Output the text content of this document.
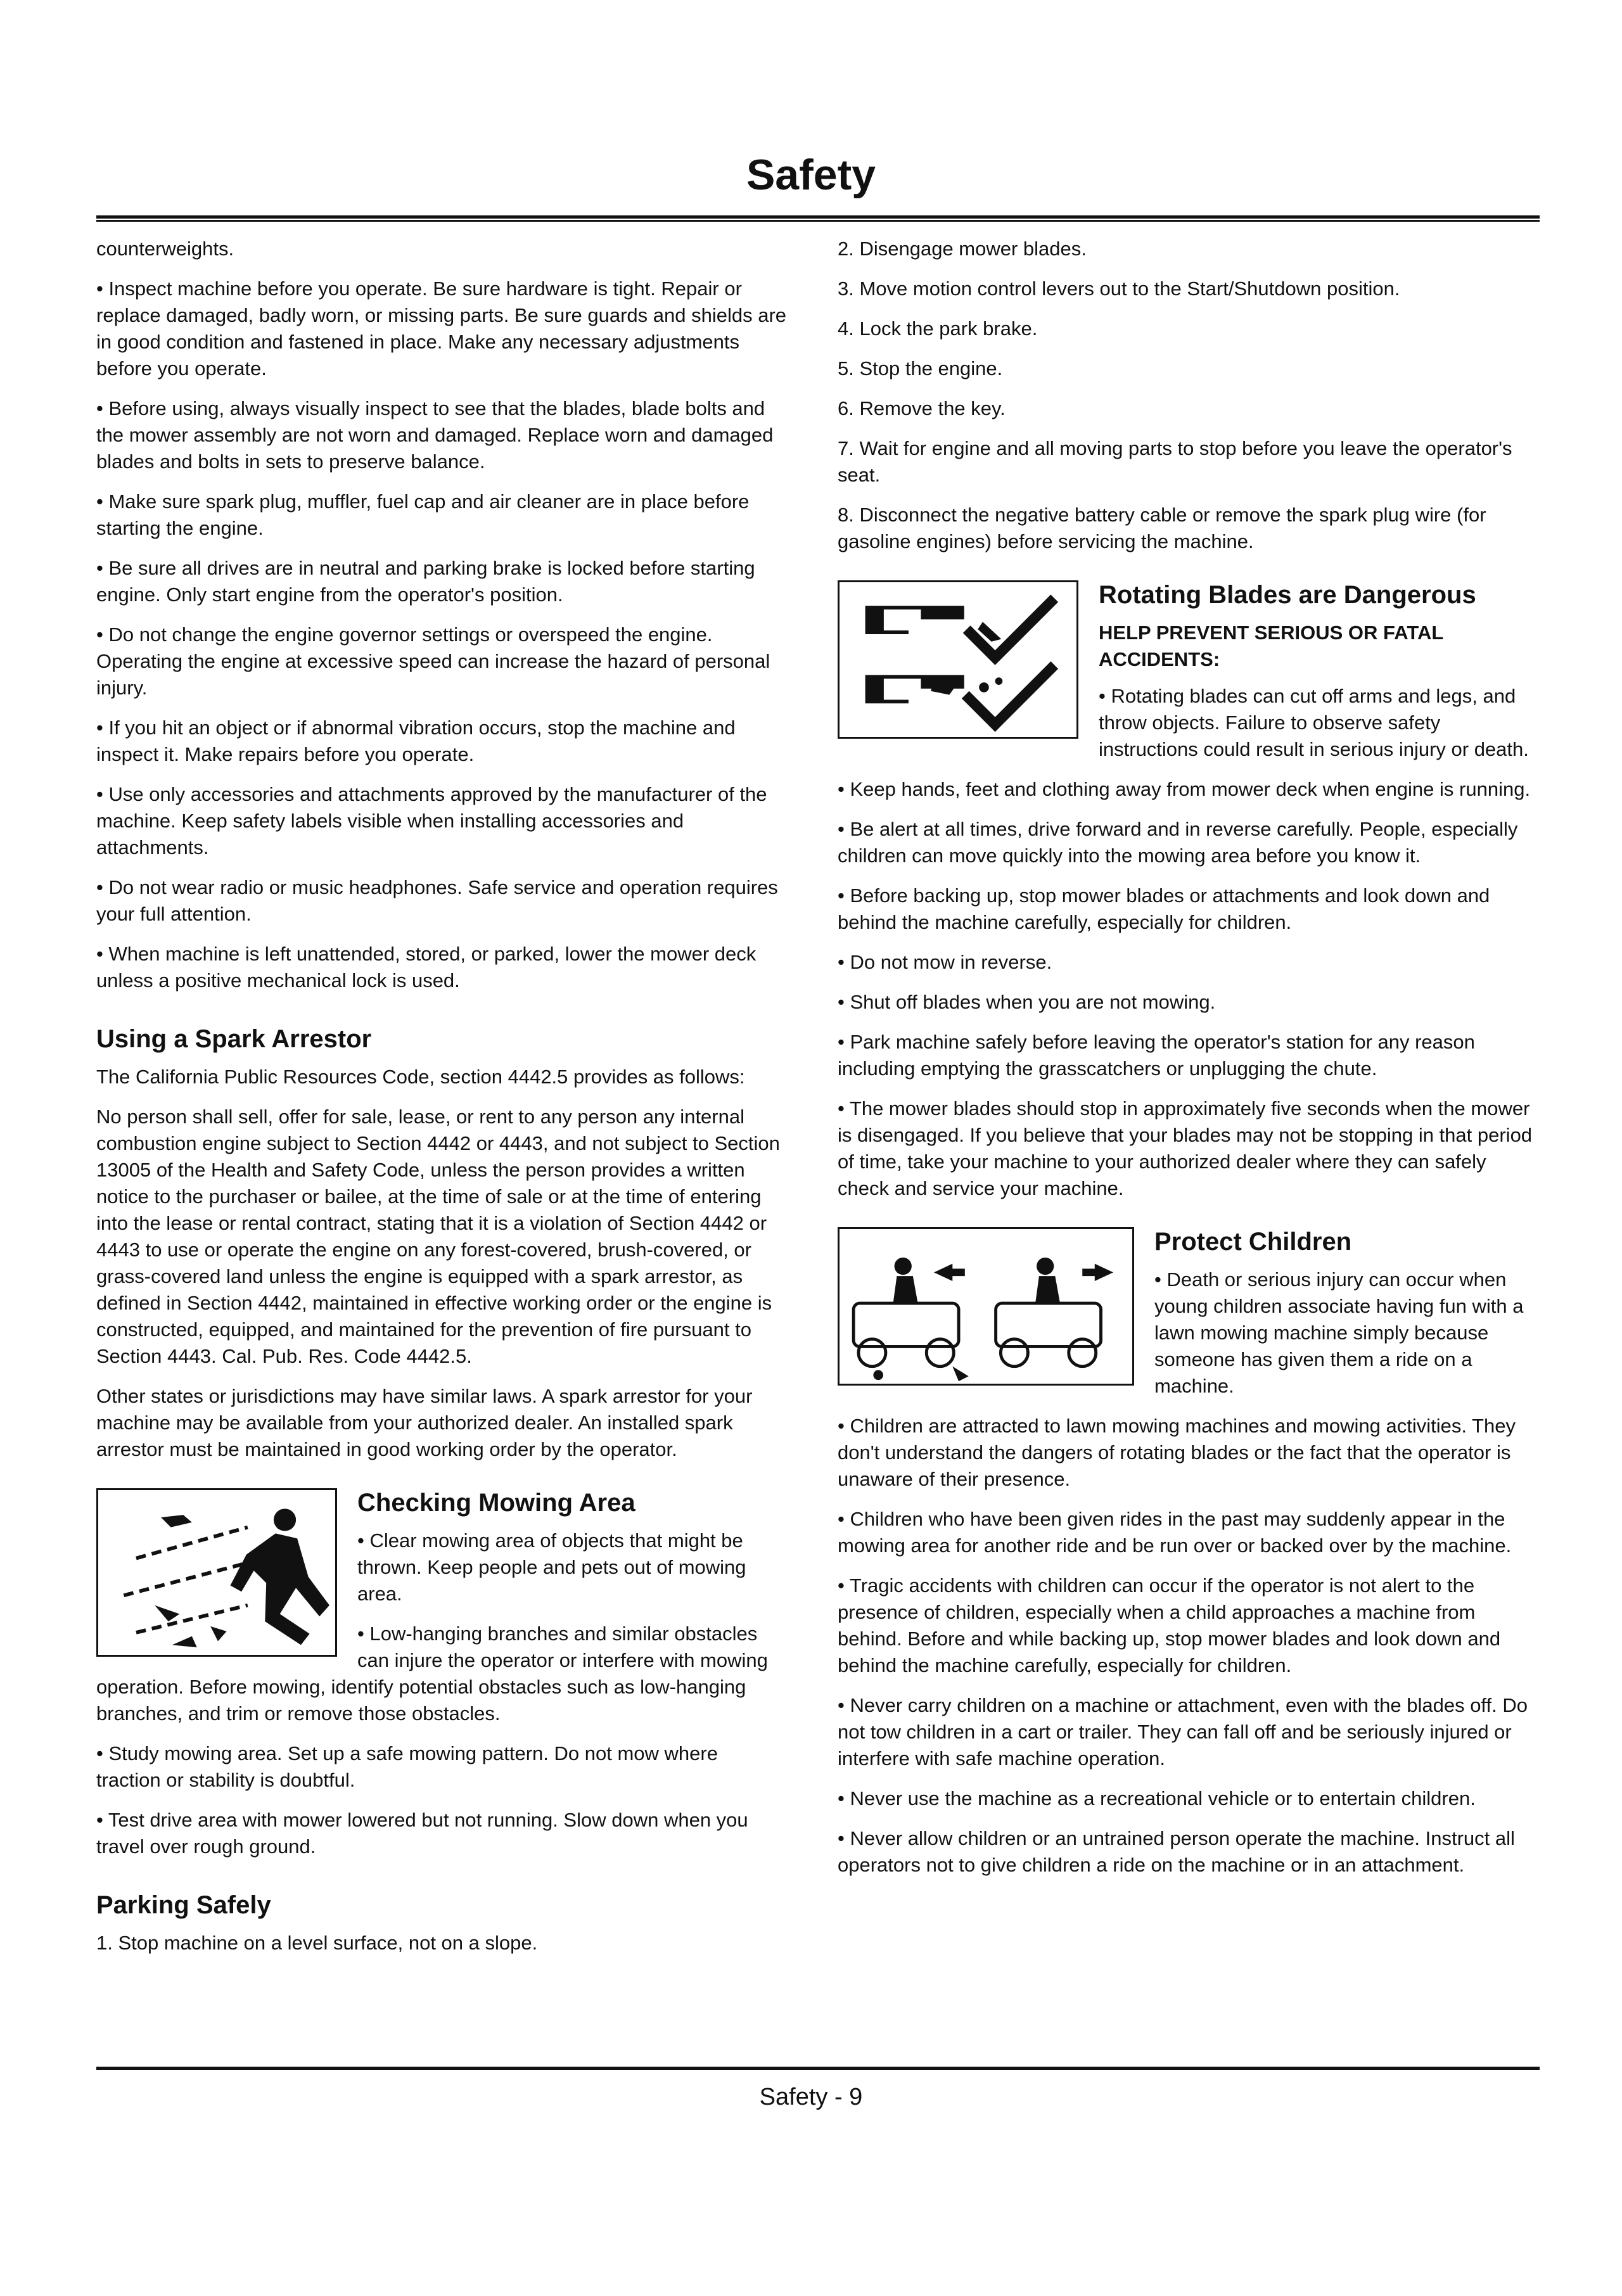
Safety

counterweights.

• Inspect machine before you operate. Be sure hardware is tight. Repair or replace damaged, badly worn, or missing parts. Be sure guards and shields are in good condition and fastened in place. Make any necessary adjustments before you operate.

• Before using, always visually inspect to see that the blades, blade bolts and the mower assembly are not worn and damaged. Replace worn and damaged blades and bolts in sets to preserve balance.

• Make sure spark plug, muffler, fuel cap and air cleaner are in place before starting the engine.

• Be sure all drives are in neutral and parking brake is locked before starting engine. Only start engine from the operator's position.

• Do not change the engine governor settings or overspeed the engine. Operating the engine at excessive speed can increase the hazard of personal injury.

• If you hit an object or if abnormal vibration occurs, stop the machine and inspect it. Make repairs before you operate.

• Use only accessories and attachments approved by the manufacturer of the machine. Keep safety labels visible when installing accessories and attachments.

• Do not wear radio or music headphones. Safe service and operation requires your full attention.

• When machine is left unattended, stored, or parked, lower the mower deck unless a positive mechanical lock is used.

Using a Spark Arrestor

The California Public Resources Code, section 4442.5 provides as follows:

No person shall sell, offer for sale, lease, or rent to any person any internal combustion engine subject to Section 4442 or 4443, and not subject to Section 13005 of the Health and Safety Code, unless the person provides a written notice to the purchaser or bailee, at the time of sale or at the time of entering into the lease or rental contract, stating that it is a violation of Section 4442 or 4443 to use or operate the engine on any forest-covered, brush-covered, or grass-covered land unless the engine is equipped with a spark arrestor, as defined in Section 4442, maintained in effective working order or the engine is constructed, equipped, and maintained for the prevention of fire pursuant to Section 4443. Cal. Pub. Res. Code 4442.5.

Other states or jurisdictions may have similar laws. A spark arrestor for your machine may be available from your authorized dealer. An installed spark arrestor must be maintained in good working order by the operator.

Checking Mowing Area

• Clear mowing area of objects that might be thrown. Keep people and pets out of mowing area.

• Low-hanging branches and similar obstacles can injure the operator or interfere with mowing operation. Before mowing, identify potential obstacles such as low-hanging branches, and trim or remove those obstacles.

• Study mowing area. Set up a safe mowing pattern. Do not mow where traction or stability is doubtful.

• Test drive area with mower lowered but not running. Slow down when you travel over rough ground.

Parking Safely

1. Stop machine on a level surface, not on a slope.

2. Disengage mower blades.

3. Move motion control levers out to the Start/Shutdown position.

4. Lock the park brake.

5. Stop the engine.

6. Remove the key.

7. Wait for engine and all moving parts to stop before you leave the operator's seat.

8. Disconnect the negative battery cable or remove the spark plug wire (for gasoline engines) before servicing the machine.

Rotating Blades are Dangerous

HELP PREVENT SERIOUS OR FATAL ACCIDENTS:

• Rotating blades can cut off arms and legs, and throw objects. Failure to observe safety instructions could result in serious injury or death.

• Keep hands, feet and clothing away from mower deck when engine is running.

• Be alert at all times, drive forward and in reverse carefully. People, especially children can move quickly into the mowing area before you know it.

• Before backing up, stop mower blades or attachments and look down and behind the machine carefully, especially for children.

• Do not mow in reverse.

• Shut off blades when you are not mowing.

• Park machine safely before leaving the operator's station for any reason including emptying the grasscatchers or unplugging the chute.

• The mower blades should stop in approximately five seconds when the mower is disengaged. If you believe that your blades may not be stopping in that period of time, take your machine to your authorized dealer where they can safely check and service your machine.

Protect Children

• Death or serious injury can occur when young children associate having fun with a lawn mowing machine simply because someone has given them a ride on a machine.

• Children are attracted to lawn mowing machines and mowing activities. They don't understand the dangers of rotating blades or the fact that the operator is unaware of their presence.

• Children who have been given rides in the past may suddenly appear in the mowing area for another ride and be run over or backed over by the machine.

• Tragic accidents with children can occur if the operator is not alert to the presence of children, especially when a child approaches a machine from behind. Before and while backing up, stop mower blades and look down and behind the machine carefully, especially for children.

• Never carry children on a machine or attachment, even with the blades off. Do not tow children in a cart or trailer. They can fall off and be seriously injured or interfere with safe machine operation.

• Never use the machine as a recreational vehicle or to entertain children.

• Never allow children or an untrained person operate the machine. Instruct all operators not to give children a ride on the machine or in an attachment.

Safety - 9
